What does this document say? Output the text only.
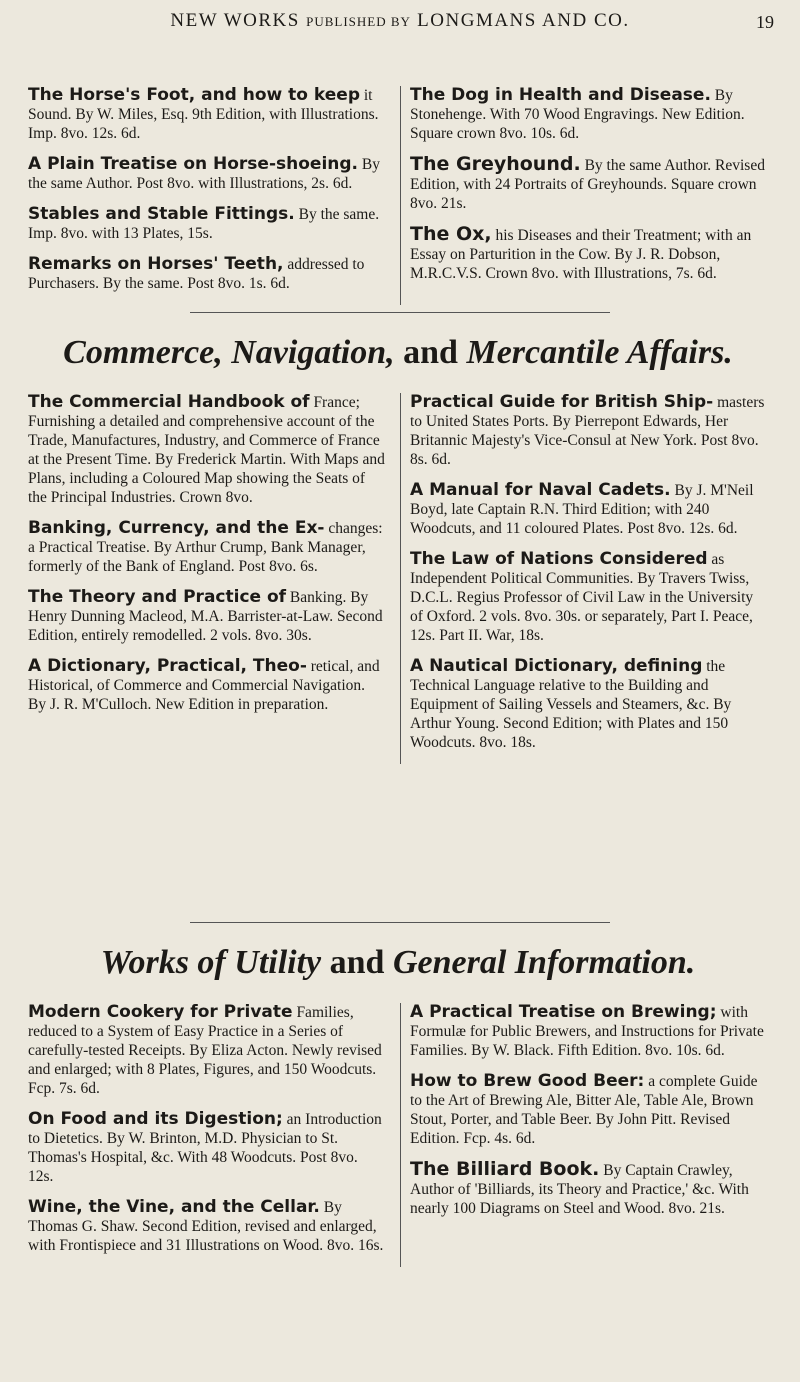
NEW WORKS PUBLISHED BY LONGMANS AND CO.	19

The Horse's Foot, and how to keep it Sound. By W. Miles, Esq. 9th Edition, with Illustrations. Imp. 8vo. 12s. 6d.

A Plain Treatise on Horse-shoeing. By the same Author. Post 8vo. with Illustrations, 2s. 6d.

Stables and Stable Fittings. By the same. Imp. 8vo. with 13 Plates, 15s.

Remarks on Horses' Teeth, addressed to Purchasers. By the same. Post 8vo. 1s. 6d.

The Dog in Health and Disease. By Stonehenge. With 70 Wood Engravings. New Edition. Square crown 8vo. 10s. 6d.

The Greyhound. By the same Author. Revised Edition, with 24 Portraits of Greyhounds. Square crown 8vo. 21s.

The Ox, his Diseases and their Treatment; with an Essay on Parturition in the Cow. By J. R. Dobson, M.R.C.V.S. Crown 8vo. with Illustrations, 7s. 6d.

Commerce, Navigation, and Mercantile Affairs.

The Commercial Handbook of France; Furnishing a detailed and comprehensive account of the Trade, Manufactures, Industry, and Commerce of France at the Present Time. By Frederick Martin. With Maps and Plans, including a Coloured Map showing the Seats of the Principal Industries. Crown 8vo.

Banking, Currency, and the Ex- changes: a Practical Treatise. By Arthur Crump, Bank Manager, formerly of the Bank of England. Post 8vo. 6s.

The Theory and Practice of Banking. By Henry Dunning Macleod, M.A. Barrister-at-Law. Second Edition, entirely remodelled. 2 vols. 8vo. 30s.

A Dictionary, Practical, Theo- retical, and Historical, of Commerce and Commercial Navigation. By J. R. M'Culloch. New Edition in preparation.

Practical Guide for British Ship- masters to United States Ports. By Pierrepont Edwards, Her Britannic Majesty's Vice-Consul at New York. Post 8vo. 8s. 6d.

A Manual for Naval Cadets. By J. M'Neil Boyd, late Captain R.N. Third Edition; with 240 Woodcuts, and 11 coloured Plates. Post 8vo. 12s. 6d.

The Law of Nations Considered as Independent Political Communities. By Travers Twiss, D.C.L. Regius Professor of Civil Law in the University of Oxford. 2 vols. 8vo. 30s. or separately, Part I. Peace, 12s. Part II. War, 18s.

A Nautical Dictionary, defining the Technical Language relative to the Building and Equipment of Sailing Vessels and Steamers, &c. By Arthur Young. Second Edition; with Plates and 150 Woodcuts. 8vo. 18s.

Works of Utility and General Information.

Modern Cookery for Private Families, reduced to a System of Easy Practice in a Series of carefully-tested Receipts. By Eliza Acton. Newly revised and enlarged; with 8 Plates, Figures, and 150 Woodcuts. Fcp. 7s. 6d.

On Food and its Digestion; an Introduction to Dietetics. By W. Brinton, M.D. Physician to St. Thomas's Hospital, &c. With 48 Woodcuts. Post 8vo. 12s.

Wine, the Vine, and the Cellar. By Thomas G. Shaw. Second Edition, revised and enlarged, with Frontispiece and 31 Illustrations on Wood. 8vo. 16s.

A Practical Treatise on Brewing; with Formulæ for Public Brewers, and Instructions for Private Families. By W. Black. Fifth Edition. 8vo. 10s. 6d.

How to Brew Good Beer: a complete Guide to the Art of Brewing Ale, Bitter Ale, Table Ale, Brown Stout, Porter, and Table Beer. By John Pitt. Revised Edition. Fcp. 4s. 6d.

The Billiard Book. By Captain Crawley, Author of 'Billiards, its Theory and Practice,' &c. With nearly 100 Diagrams on Steel and Wood. 8vo. 21s.
